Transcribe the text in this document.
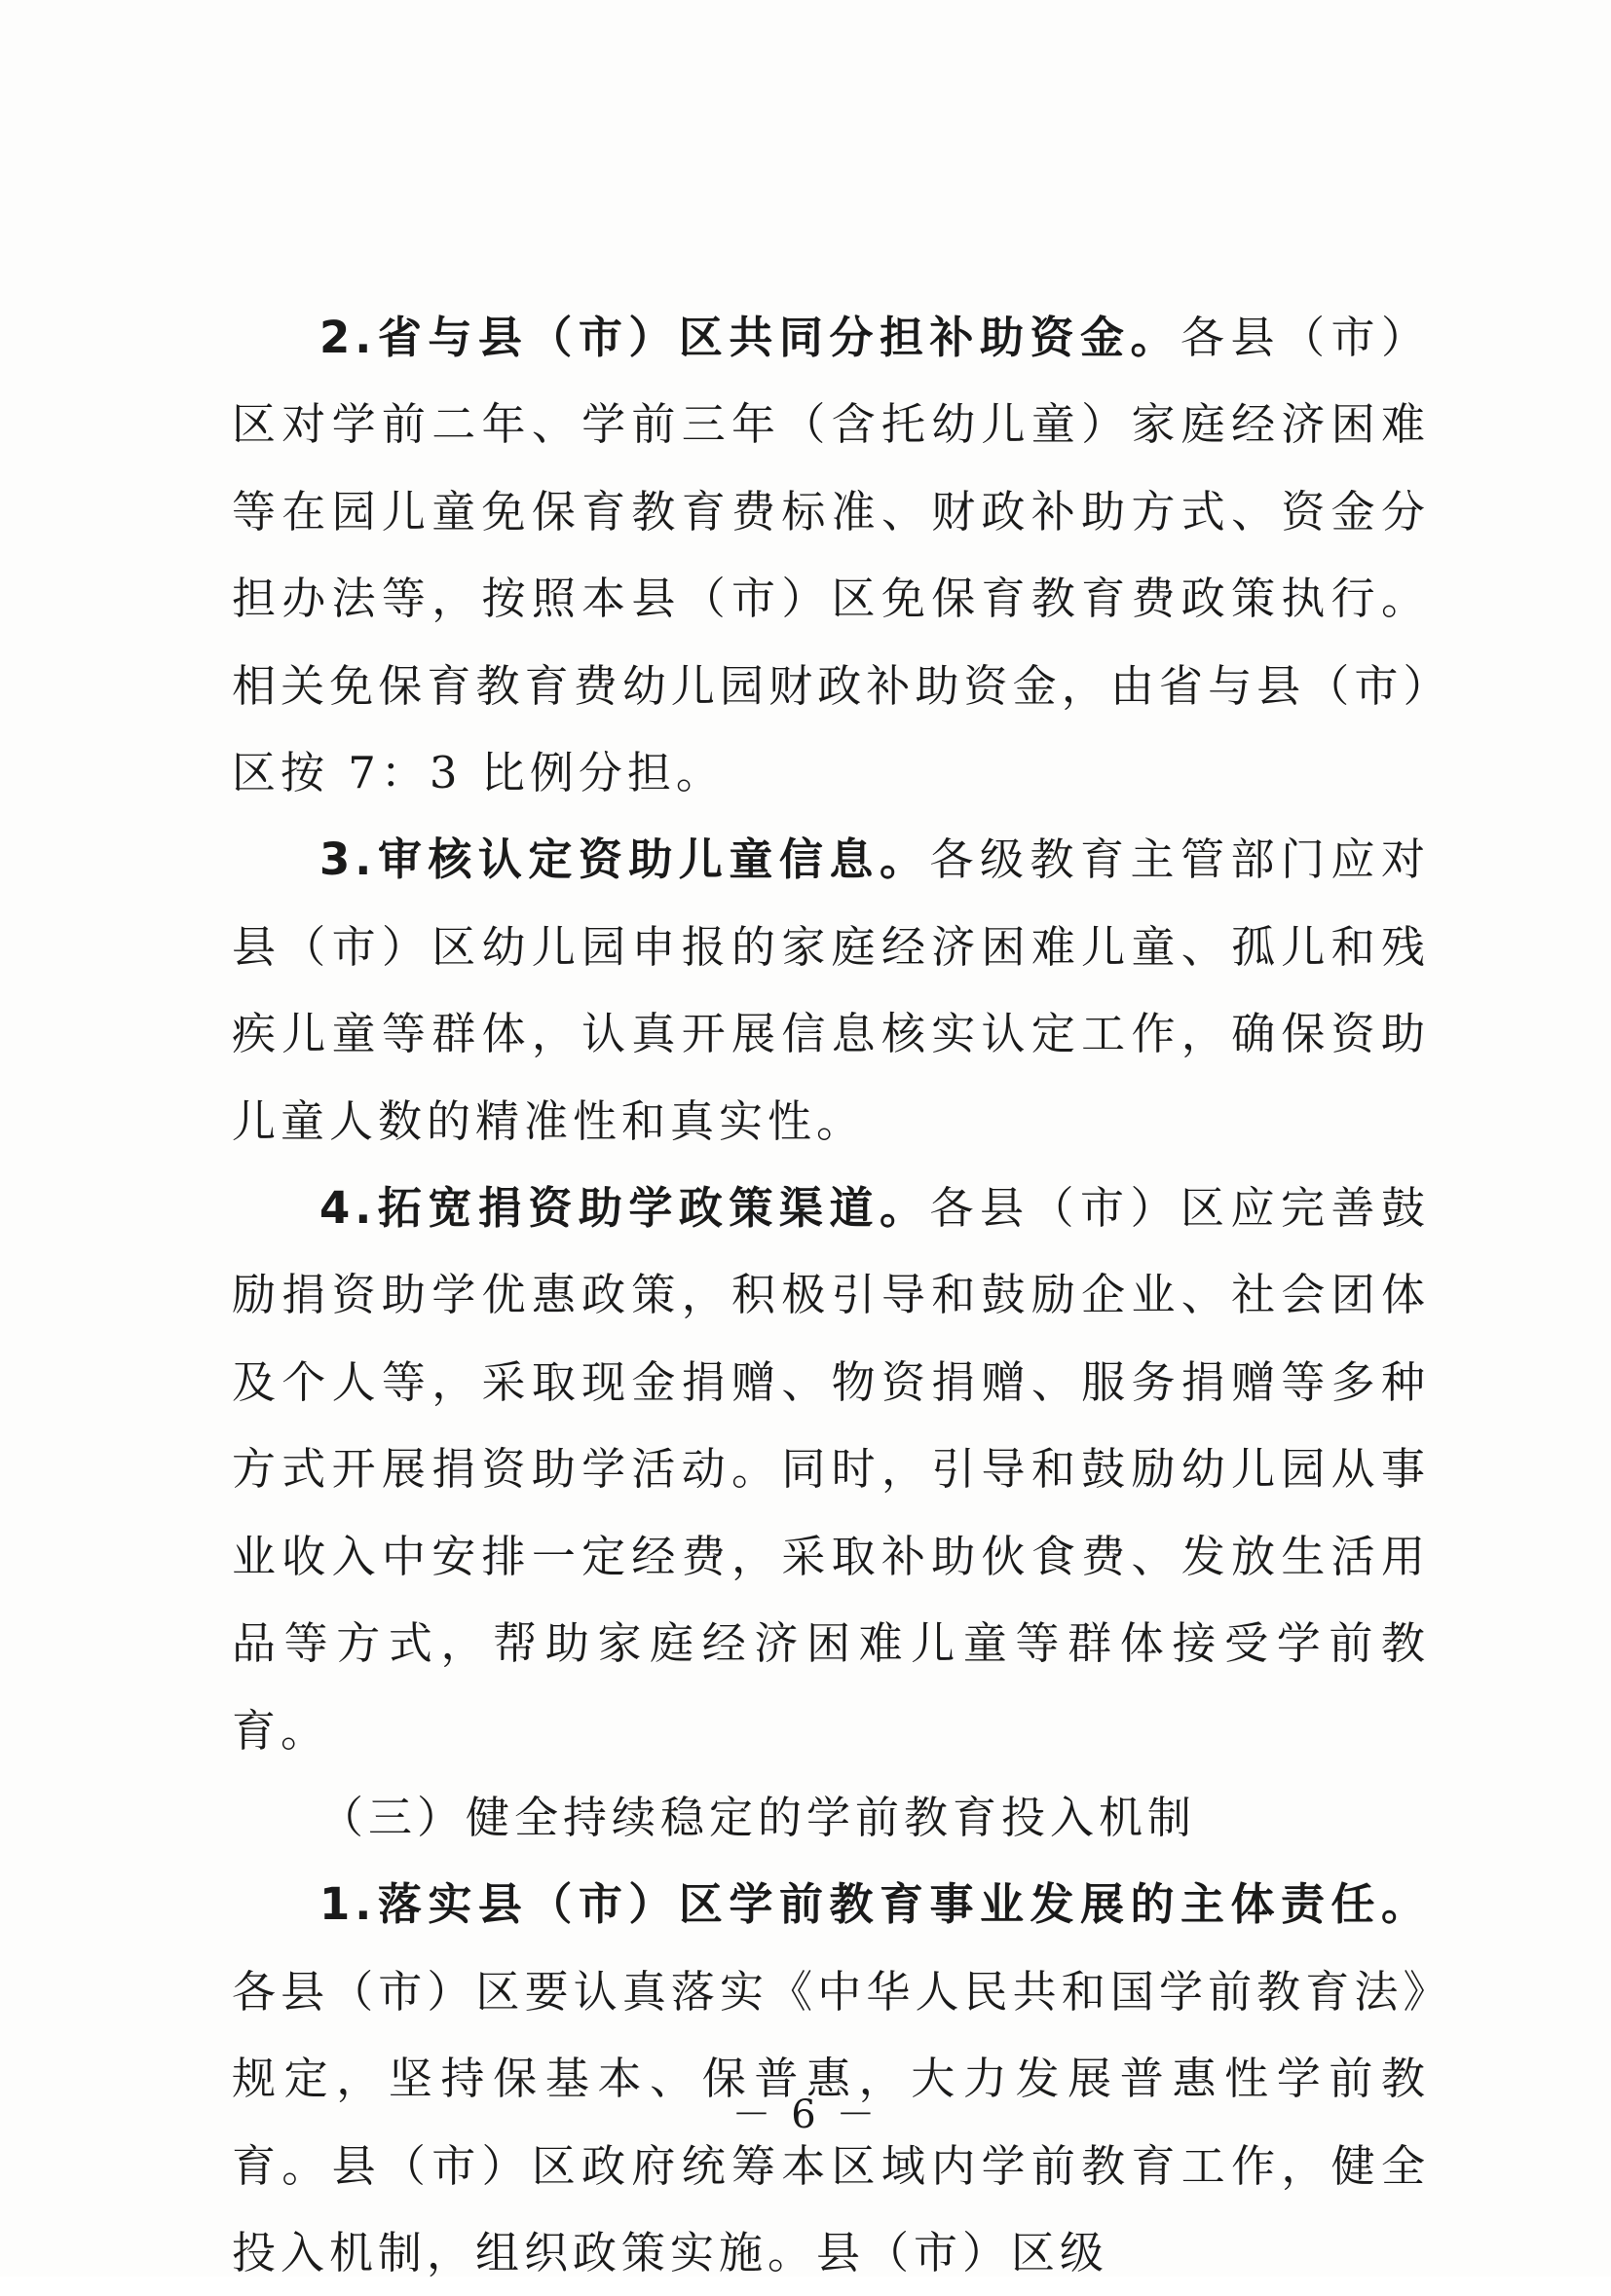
2.省与县（市）区共同分担补助资金。各县（市）区对学前二年、学前三年（含托幼儿童）家庭经济困难等在园儿童免保育教育费标准、财政补助方式、资金分担办法等，按照本县（市）区免保育教育费政策执行。相关免保育教育费幼儿园财政补助资金，由省与县（市）区按 7：3 比例分担。

3.审核认定资助儿童信息。各级教育主管部门应对县（市）区幼儿园申报的家庭经济困难儿童、孤儿和残疾儿童等群体，认真开展信息核实认定工作，确保资助儿童人数的精准性和真实性。

4.拓宽捐资助学政策渠道。各县（市）区应完善鼓励捐资助学优惠政策，积极引导和鼓励企业、社会团体及个人等，采取现金捐赠、物资捐赠、服务捐赠等多种方式开展捐资助学活动。同时，引导和鼓励幼儿园从事业收入中安排一定经费，采取补助伙食费、发放生活用品等方式，帮助家庭经济困难儿童等群体接受学前教育。

（三）健全持续稳定的学前教育投入机制

1.落实县（市）区学前教育事业发展的主体责任。各县（市）区要认真落实《中华人民共和国学前教育法》规定，坚持保基本、保普惠，大力发展普惠性学前教育。县（市）区政府统筹本区域内学前教育工作，健全投入机制，组织政策实施。县（市）区级

－ 6 －
